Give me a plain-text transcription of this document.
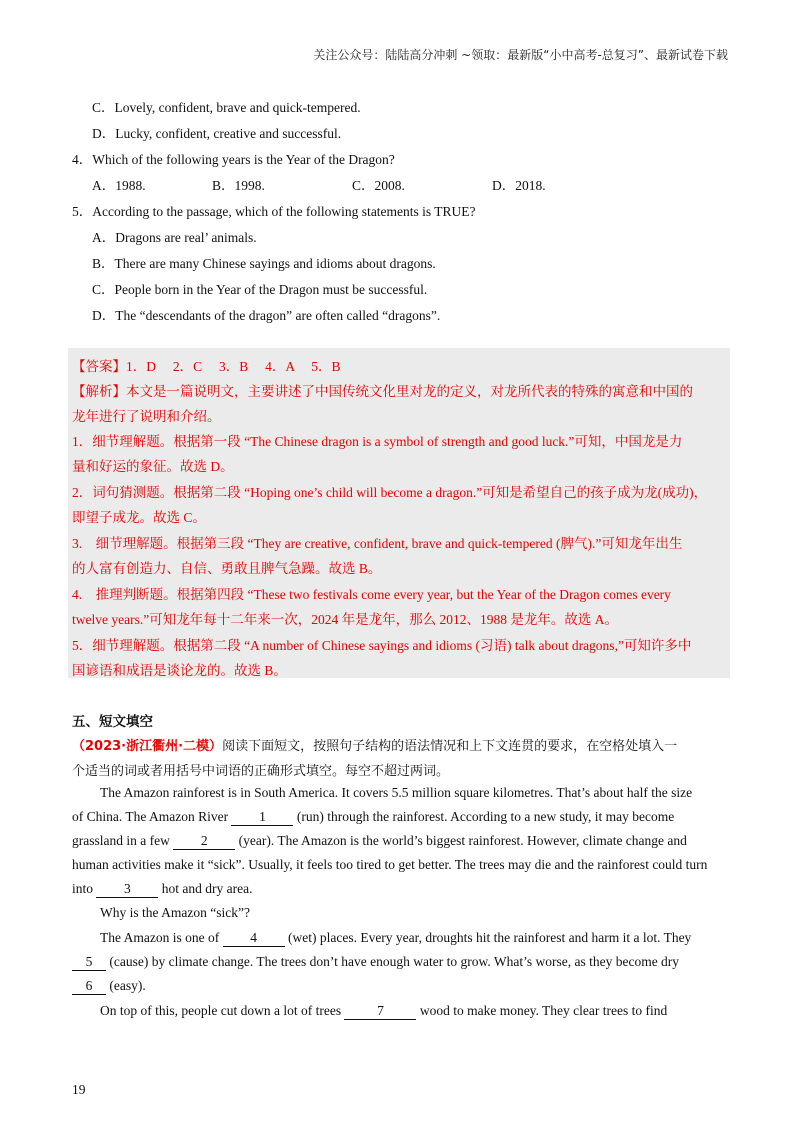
关注公众号：陆陆高分冲刺 ~领取：最新版“小中高考-总复习”、最新试卷下载
C．Lovely, confident, brave and quick-tempered.
D．Lucky, confident, creative and successful.
4．Which of the following years is the Year of the Dragon?
A．1988.	B．1998.	C．2008.	D．2018.
5．According to the passage, which of the following statements is TRUE?
A．Dragons are real’ animals.
B．There are many Chinese sayings and idioms about dragons.
C．People born in the Year of the Dragon must be successful.
D．The “descendants of the dragon” are often called “dragons”.
【答案】1．D　 2．C　 3．B　 4．A　 5．B
【解析】本文是一篇说明文，主要讲述了中国传统文化里对龙的定义，对龙所代表的特殊的寓意和中国的
龙年进行了说明和介绍。
1．细节理解题。根据第一段 “The Chinese dragon is a symbol of strength and good luck.”可知，中国龙是力
量和好运的象征。故选 D。
2．词句猜测题。根据第二段 “Hoping one’s child will become a dragon.”可知是希望自己的孩子成为龙(成功)，
即望子成龙。故选 C。
3.　细节理解题。根据第三段 “They are creative, confident, brave and quick-tempered (脾气).”可知龙年出生
的人富有创造力、自信、勇敢且脾气急躁。故选 B。
4.　推理判断题。根据第四段 “These two festivals come every year, but the Year of the Dragon comes every
twelve years.”可知龙年每十二年来一次，2024 年是龙年，那么 2012、1988 是龙年。故选 A。
5．细节理解题。根据第二段 “A number of Chinese sayings and idioms (习语) talk about dragons,”可知许多中
国谚语和成语是谈论龙的。故选 B。
五、短文填空
（2023·浙江衢州·二模）阅读下面短文，按照句子结构的语法情况和上下文连贯的要求，在空格处填入一
个适当的词或者用括号中词语的正确形式填空。每空不超过两词。
The Amazon rainforest is in South America. It covers 5.5 million square kilometres. That’s about half the size
of China. The Amazon River 1 (run) through the rainforest. According to a new study, it may become
grassland in a few 2 (year). The Amazon is the world’s biggest rainforest. However, climate change and
human activities make it “sick”. Usually, it feels too tired to get better. The trees may die and the rainforest could turn
into 3 hot and dry area.
Why is the Amazon “sick”?
The Amazon is one of 4 (wet) places. Every year, droughts hit the rainforest and harm it a lot. They
5 (cause) by climate change. The trees don’t have enough water to grow. What’s worse, as they become dry
6 (easy).
On top of this, people cut down a lot of trees 7 wood to make money. They clear trees to find
19
